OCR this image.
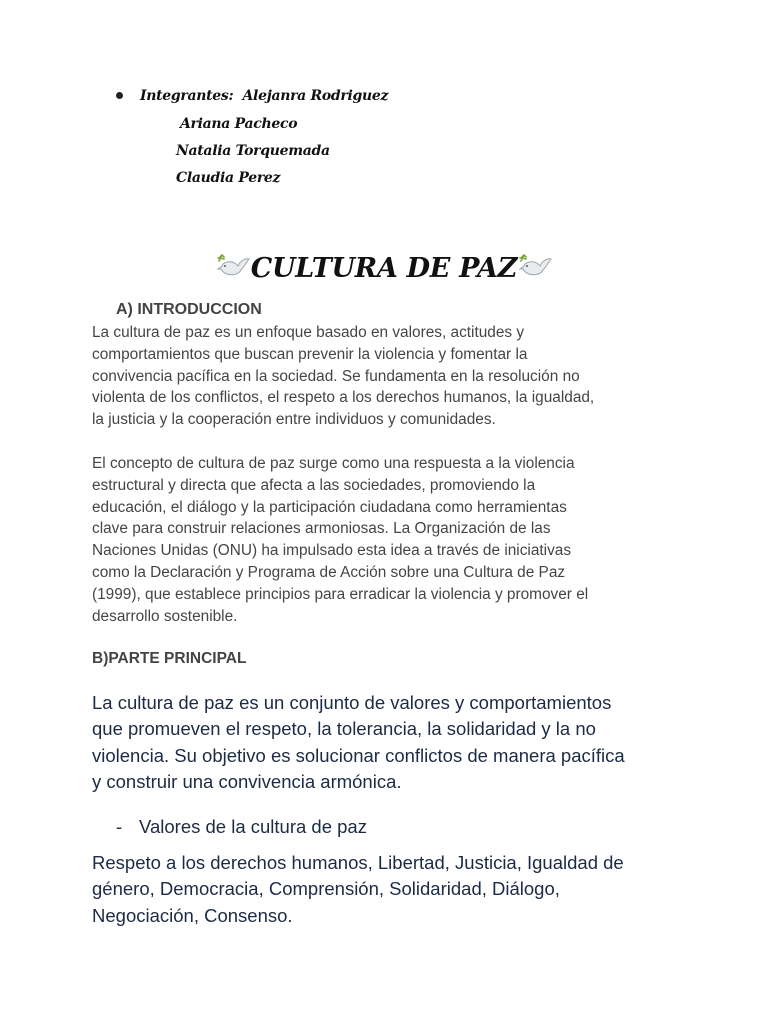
Integrantes: Alejanra Rodriguez
Ariana Pacheco
Natalia Torquemada
Claudia Perez
CULTURA DE PAZ
A) INTRODUCCION
La cultura de paz es un enfoque basado en valores, actitudes y
comportamientos que buscan prevenir la violencia y fomentar la
convivencia pacífica en la sociedad. Se fundamenta en la resolución no
violenta de los conflictos, el respeto a los derechos humanos, la igualdad,
la justicia y la cooperación entre individuos y comunidades.
El concepto de cultura de paz surge como una respuesta a la violencia
estructural y directa que afecta a las sociedades, promoviendo la
educación, el diálogo y la participación ciudadana como herramientas
clave para construir relaciones armoniosas. La Organización de las
Naciones Unidas (ONU) ha impulsado esta idea a través de iniciativas
como la Declaración y Programa de Acción sobre una Cultura de Paz
(1999), que establece principios para erradicar la violencia y promover el
desarrollo sostenible.
B)PARTE PRINCIPAL
La cultura de paz es un conjunto de valores y comportamientos
que promueven el respeto, la tolerancia, la solidaridad y la no
violencia. Su objetivo es solucionar conflictos de manera pacífica
y construir una convivencia armónica.
- Valores de la cultura de paz
Respeto a los derechos humanos, Libertad, Justicia, Igualdad de
género, Democracia, Comprensión, Solidaridad, Diálogo,
Negociación, Consenso.
